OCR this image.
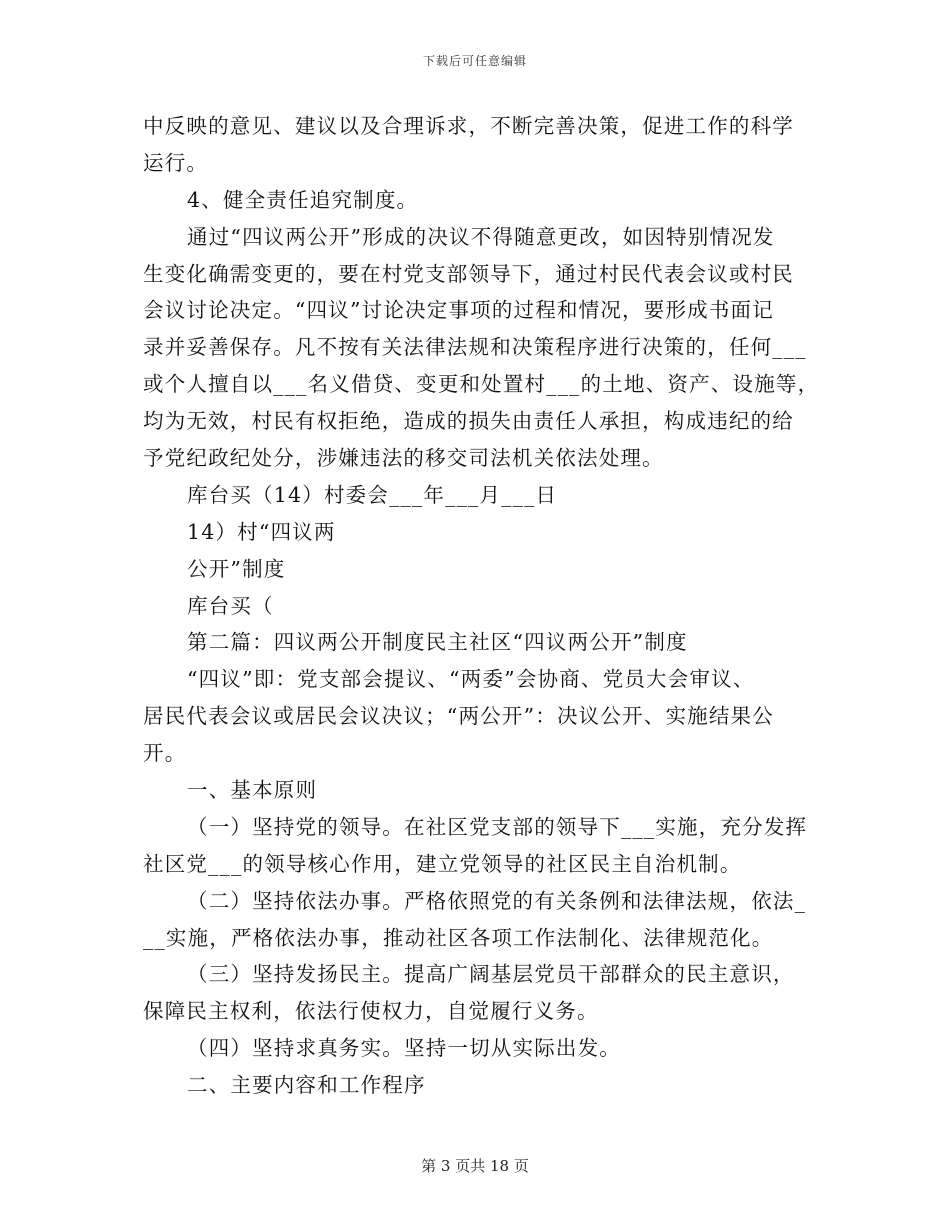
下载后可任意编辑
中反映的意见、建议以及合理诉求，不断完善决策，促进工作的科学
运行。
4、健全责任追究制度。
通过“四议两公开”形成的决议不得随意更改，如因特别情况发
生变化确需变更的，要在村党支部领导下，通过村民代表会议或村民
会议讨论决定。“四议”讨论决定事项的过程和情况，要形成书面记
录并妥善保存。凡不按有关法律法规和决策程序进行决策的，任何___
或个人擅自以___名义借贷、变更和处置村___的土地、资产、设施等，
均为无效，村民有权拒绝，造成的损失由责任人承担，构成违纪的给
予党纪政纪处分，涉嫌违法的移交司法机关依法处理。
库台买（14）村委会___年___月___日
14）村“四议两
公开”制度
库台买（
第二篇：四议两公开制度民主社区“四议两公开”制度
“四议”即：党支部会提议、“两委”会协商、党员大会审议、
居民代表会议或居民会议决议；“两公开”：决议公开、实施结果公
开。
一、基本原则
（一）坚持党的领导。在社区党支部的领导下___实施，充分发挥
社区党___的领导核心作用，建立党领导的社区民主自治机制。
（二）坚持依法办事。严格依照党的有关条例和法律法规，依法_
__实施，严格依法办事，推动社区各项工作法制化、法律规范化。
（三）坚持发扬民主。提高广阔基层党员干部群众的民主意识，
保障民主权利，依法行使权力，自觉履行义务。
（四）坚持求真务实。坚持一切从实际出发。
二、主要内容和工作程序
第 3 页共 18 页
